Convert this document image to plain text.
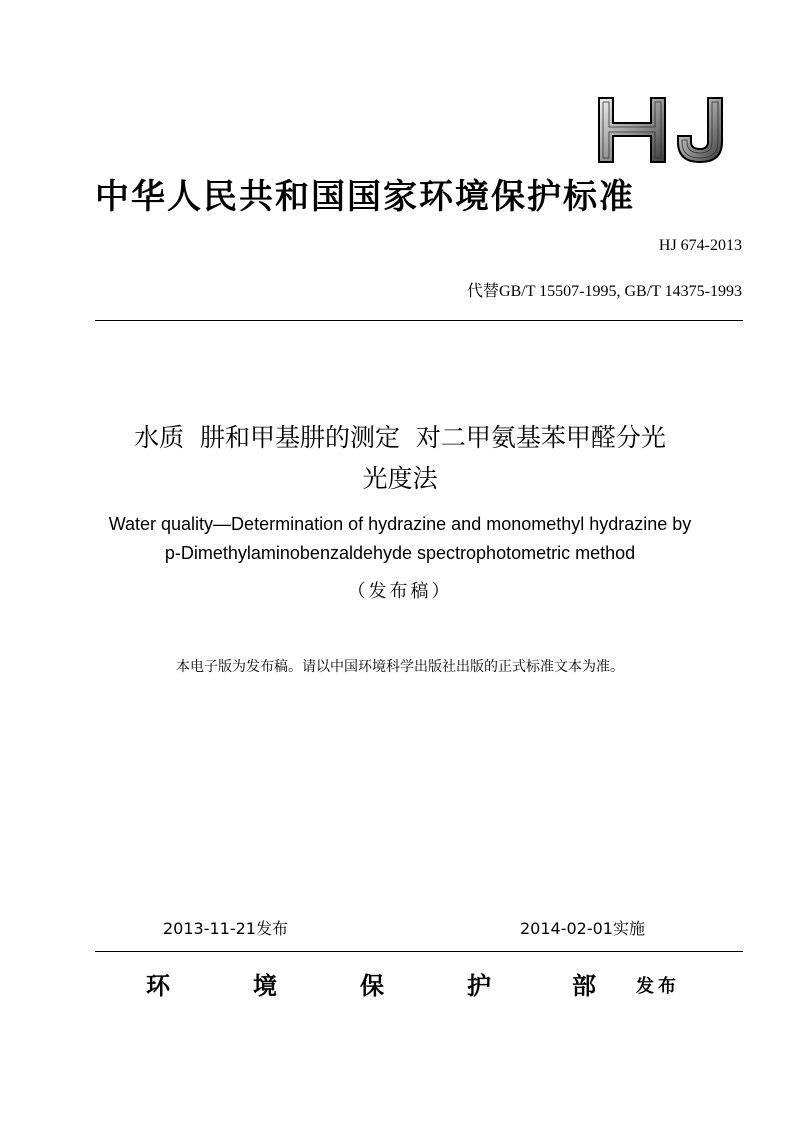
HJ
中华人民共和国国家环境保护标准
HJ 674-2013
代替GB/T 15507-1995, GB/T 14375-1993
水质  肼和甲基肼的测定  对二甲氨基苯甲醛分光
光度法
Water quality—Determination of hydrazine and monomethyl hydrazine by
p-Dimethylaminobenzaldehyde spectrophotometric method
（发布稿）
本电子版为发布稿。请以中国环境科学出版社出版的正式标准文本为准。
2013-11-21发布	2014-02-01实施
环	境	保	护	部 发布
